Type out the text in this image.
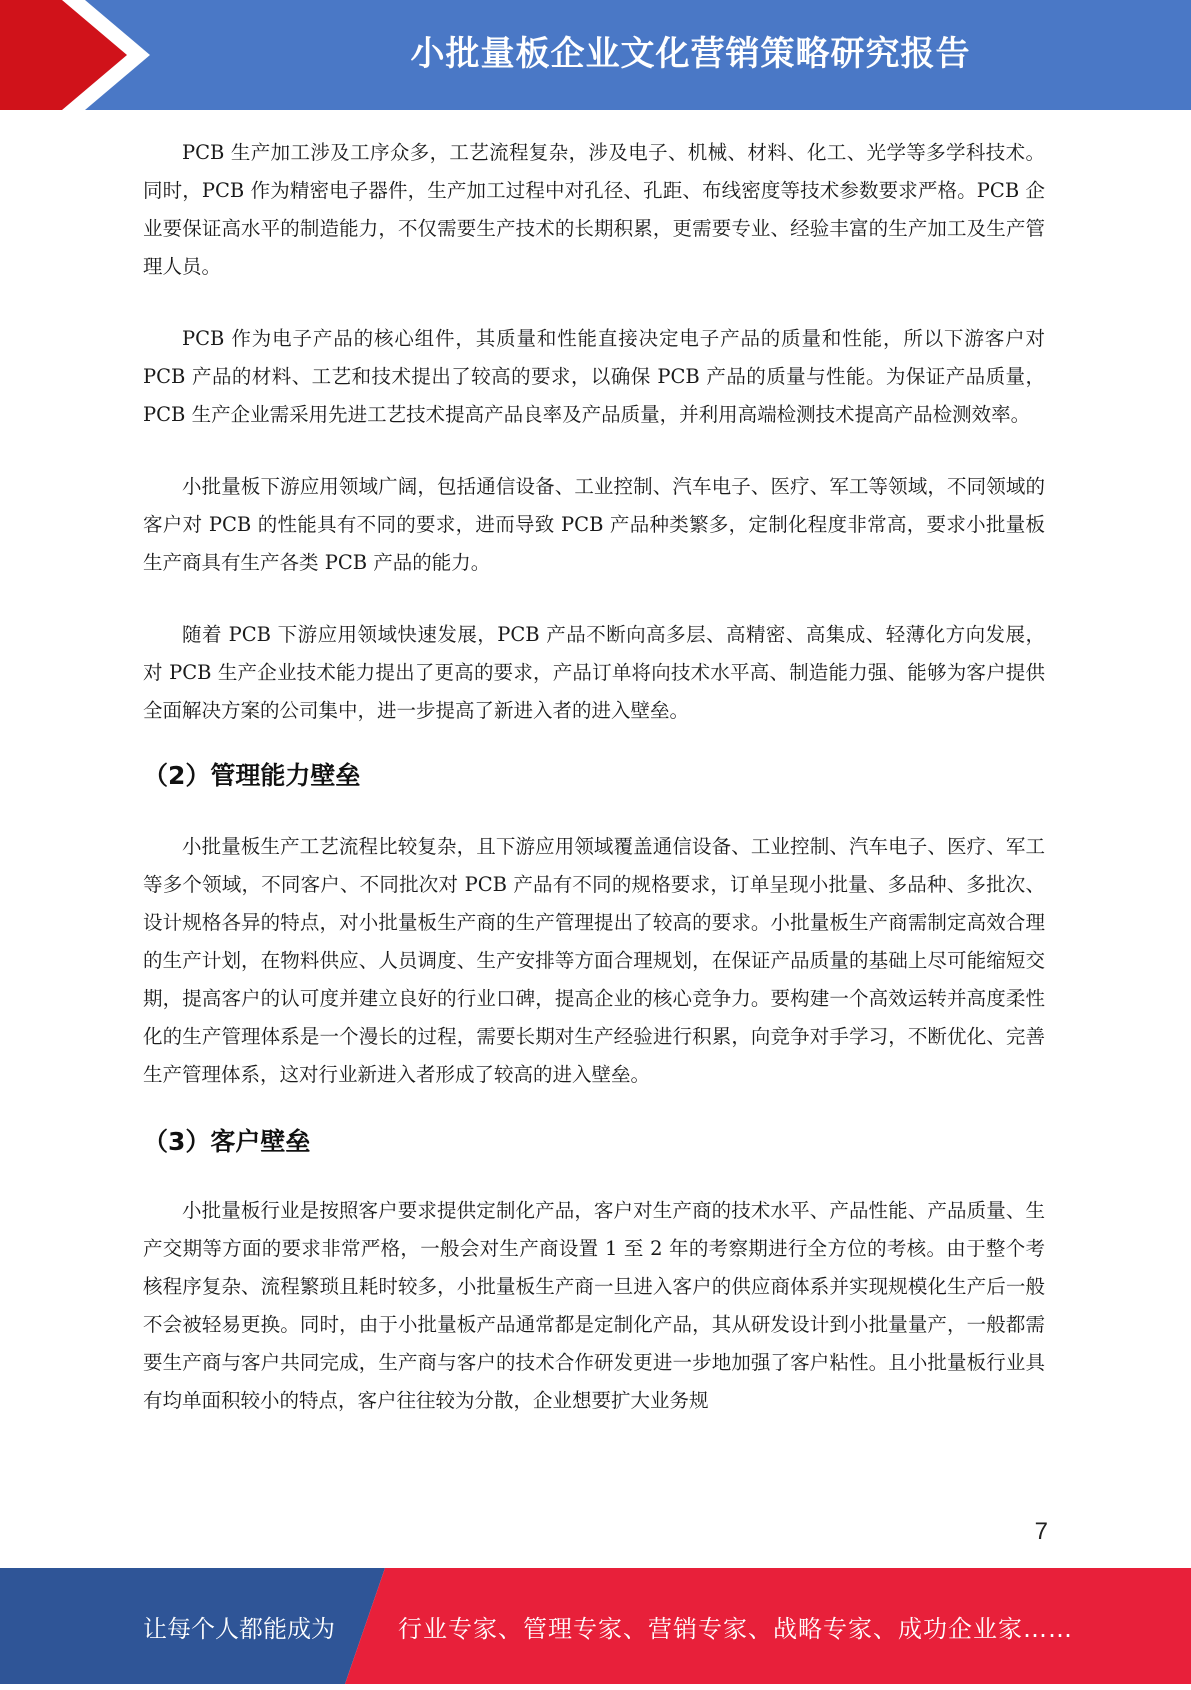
小批量板企业文化营销策略研究报告

PCB 生产加工涉及工序众多，工艺流程复杂，涉及电子、机械、材料、化工、光学等多学科技术。同时，PCB 作为精密电子器件，生产加工过程中对孔径、孔距、布线密度等技术参数要求严格。PCB 企业要保证高水平的制造能力，不仅需要生产技术的长期积累，更需要专业、经验丰富的生产加工及生产管理人员。

PCB 作为电子产品的核心组件，其质量和性能直接决定电子产品的质量和性能，所以下游客户对 PCB 产品的材料、工艺和技术提出了较高的要求，以确保 PCB 产品的质量与性能。为保证产品质量，PCB 生产企业需采用先进工艺技术提高产品良率及产品质量，并利用高端检测技术提高产品检测效率。

小批量板下游应用领域广阔，包括通信设备、工业控制、汽车电子、医疗、军工等领域，不同领域的客户对 PCB 的性能具有不同的要求，进而导致 PCB 产品种类繁多，定制化程度非常高，要求小批量板生产商具有生产各类 PCB 产品的能力。

随着 PCB 下游应用领域快速发展，PCB 产品不断向高多层、高精密、高集成、轻薄化方向发展，对 PCB 生产企业技术能力提出了更高的要求，产品订单将向技术水平高、制造能力强、能够为客户提供全面解决方案的公司集中，进一步提高了新进入者的进入壁垒。

（2）管理能力壁垒

小批量板生产工艺流程比较复杂，且下游应用领域覆盖通信设备、工业控制、汽车电子、医疗、军工等多个领域，不同客户、不同批次对 PCB 产品有不同的规格要求，订单呈现小批量、多品种、多批次、设计规格各异的特点，对小批量板生产商的生产管理提出了较高的要求。小批量板生产商需制定高效合理的生产计划，在物料供应、人员调度、生产安排等方面合理规划，在保证产品质量的基础上尽可能缩短交期，提高客户的认可度并建立良好的行业口碑，提高企业的核心竞争力。要构建一个高效运转并高度柔性化的生产管理体系是一个漫长的过程，需要长期对生产经验进行积累，向竞争对手学习，不断优化、完善生产管理体系，这对行业新进入者形成了较高的进入壁垒。

（3）客户壁垒

小批量板行业是按照客户要求提供定制化产品，客户对生产商的技术水平、产品性能、产品质量、生产交期等方面的要求非常严格，一般会对生产商设置 1 至 2 年的考察期进行全方位的考核。由于整个考核程序复杂、流程繁琐且耗时较多，小批量板生产商一旦进入客户的供应商体系并实现规模化生产后一般不会被轻易更换。同时，由于小批量板产品通常都是定制化产品，其从研发设计到小批量量产，一般都需要生产商与客户共同完成，生产商与客户的技术合作研发更进一步地加强了客户粘性。且小批量板行业具有均单面积较小的特点，客户往往较为分散，企业想要扩大业务规

7
让每个人都能成为	行业专家、管理专家、营销专家、战略专家、成功企业家……
